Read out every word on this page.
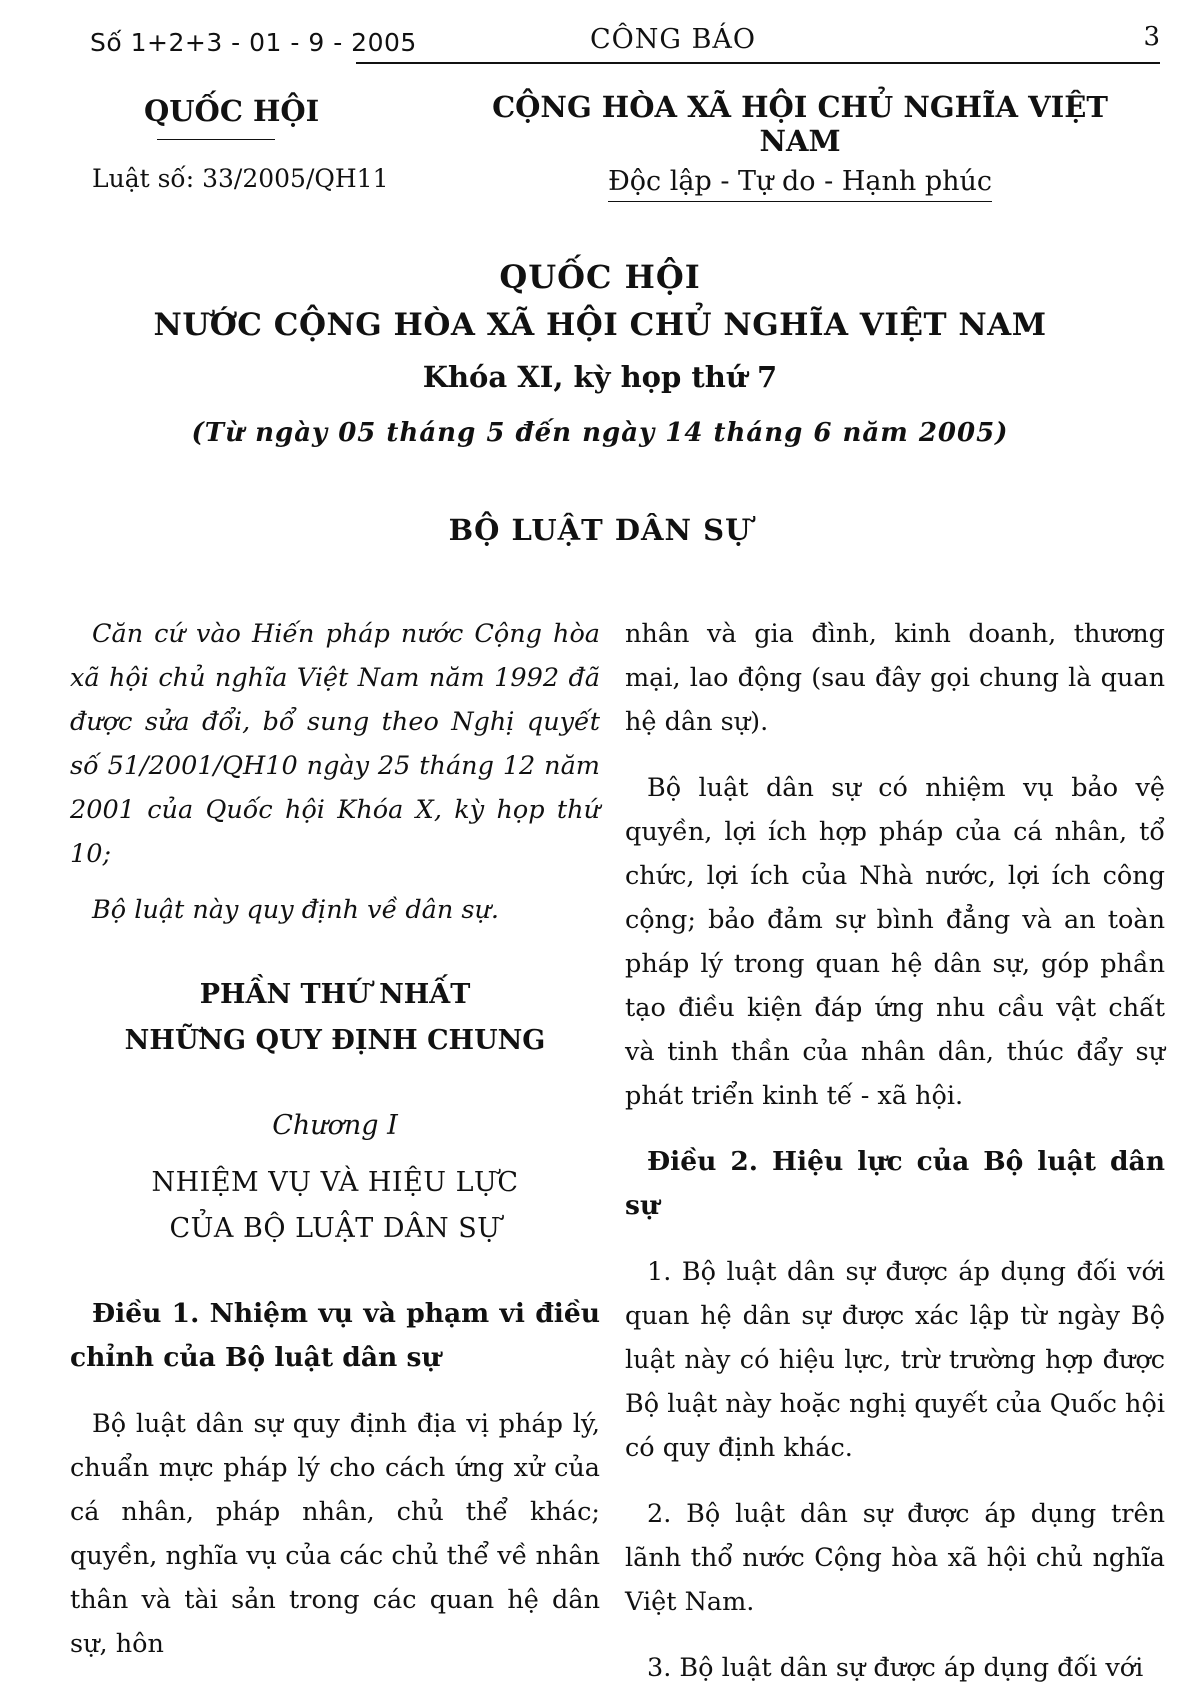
Số 1+2+3 - 01 - 9 - 2005	CÔNG BÁO	3
QUỐC HỘI
Luật số: 33/2005/QH11
CỘNG HÒA XÃ HỘI CHỦ NGHĨA VIỆT NAM
Độc lập - Tự do - Hạnh phúc
QUỐC HỘI
NƯỚC CỘNG HÒA XÃ HỘI CHỦ NGHĨA VIỆT NAM
Khóa XI, kỳ họp thứ 7
(Từ ngày 05 tháng 5 đến ngày 14 tháng 6 năm 2005)
BỘ LUẬT DÂN SỰ

Căn cứ vào Hiến pháp nước Cộng hòa xã hội chủ nghĩa Việt Nam năm 1992 đã được sửa đổi, bổ sung theo Nghị quyết số 51/2001/QH10 ngày 25 tháng 12 năm 2001 của Quốc hội Khóa X, kỳ họp thứ 10;

Bộ luật này quy định về dân sự.

PHẦN THỨ NHẤT

NHỮNG QUY ĐỊNH CHUNG

Chương I

NHIỆM VỤ VÀ HIỆU LỰC

CỦA BỘ LUẬT DÂN SỰ

Điều 1. Nhiệm vụ và phạm vi điều chỉnh của Bộ luật dân sự

Bộ luật dân sự quy định địa vị pháp lý, chuẩn mực pháp lý cho cách ứng xử của cá nhân, pháp nhân, chủ thể khác; quyền, nghĩa vụ của các chủ thể về nhân thân và tài sản trong các quan hệ dân sự, hôn

nhân và gia đình, kinh doanh, thương mại, lao động (sau đây gọi chung là quan hệ dân sự).

Bộ luật dân sự có nhiệm vụ bảo vệ quyền, lợi ích hợp pháp của cá nhân, tổ chức, lợi ích của Nhà nước, lợi ích công cộng; bảo đảm sự bình đẳng và an toàn pháp lý trong quan hệ dân sự, góp phần tạo điều kiện đáp ứng nhu cầu vật chất và tinh thần của nhân dân, thúc đẩy sự phát triển kinh tế - xã hội.

Điều 2. Hiệu lực của Bộ luật dân sự

1. Bộ luật dân sự được áp dụng đối với quan hệ dân sự được xác lập từ ngày Bộ luật này có hiệu lực, trừ trường hợp được Bộ luật này hoặc nghị quyết của Quốc hội có quy định khác.

2. Bộ luật dân sự được áp dụng trên lãnh thổ nước Cộng hòa xã hội chủ nghĩa Việt Nam.

3. Bộ luật dân sự được áp dụng đối với
